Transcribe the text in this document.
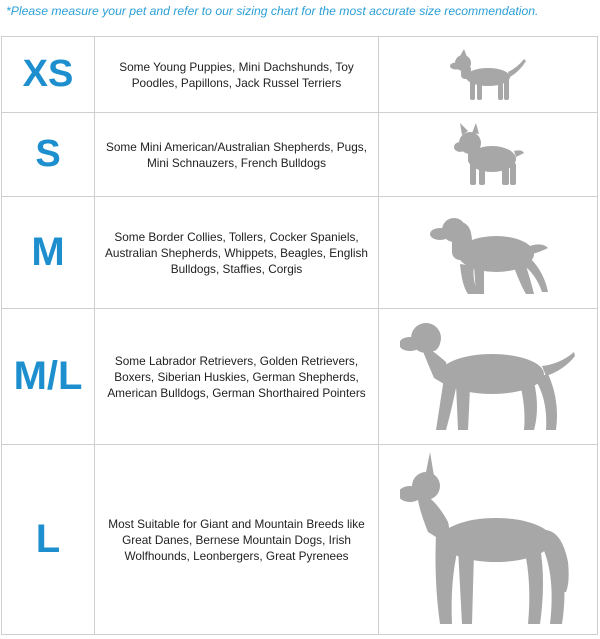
*Please measure your pet and refer to our sizing chart for the most accurate size recommendation.
XS	Some Young Puppies, Mini Dachshunds, Toy Poodles, Papillons, Jack Russel Terriers	

S	Some Mini American/Australian Shepherds, Pugs, Mini Schnauzers, French Bulldogs	

M	Some Border Collies, Tollers, Cocker Spaniels, Australian Shepherds, Whippets, Beagles, English Bulldogs, Staffies, Corgis	

M/L	Some Labrador Retrievers, Golden Retrievers, Boxers, Siberian Huskies, German Shepherds, American Bulldogs, German Shorthaired Pointers	

L	Most Suitable for Giant and Mountain Breeds like Great Danes, Bernese Mountain Dogs, Irish Wolfhounds, Leonbergers, Great Pyrenees	
